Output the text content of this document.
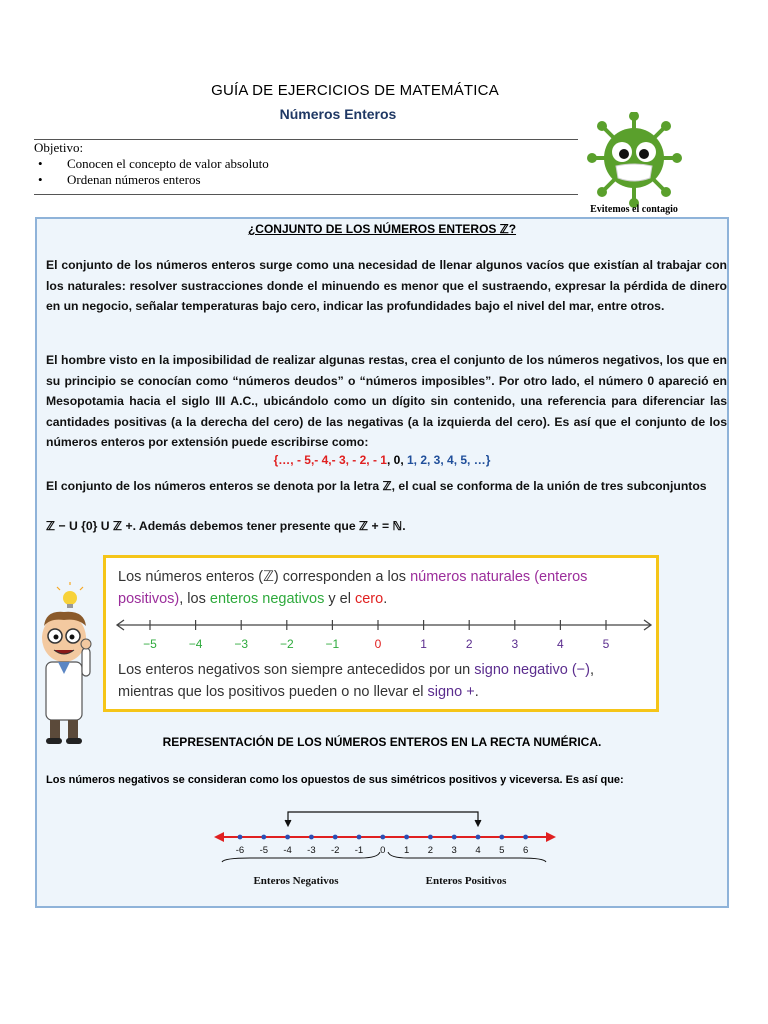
GUÍA DE EJERCICIOS DE MATEMÁTICA
Números Enteros
Objetivo:
• Conocen el concepto de valor absoluto
• Ordenan números enteros
Evitemos el contagio
¿CONJUNTO DE LOS NÚMEROS ENTEROS ℤ?
El conjunto de los números enteros surge como una necesidad de llenar algunos vacíos que existían al trabajar con los naturales: resolver sustracciones donde el minuendo es menor que el sustraendo, expresar la pérdida de dinero en un negocio, señalar temperaturas bajo cero, indicar las profundidades bajo el nivel del mar, entre otros.
El hombre visto en la imposibilidad de realizar algunas restas, crea el conjunto de los números negativos, los que en su principio se conocían como “números deudos” o “números imposibles”. Por otro lado, el número 0 apareció en Mesopotamia hacia el siglo III A.C., ubicándolo como un dígito sin contenido, una referencia para diferenciar las cantidades positivas (a la derecha del cero) de las negativas (a la izquierda del cero). Es así que el conjunto de los números enteros por extensión puede escribirse como:
{…, - 5,- 4,- 3, - 2, - 1, 0, 1, 2, 3, 4, 5, …}
El conjunto de los números enteros se denota por la letra ℤ, el cual se conforma de la unión de tres subconjuntos
ℤ − U {0} U ℤ +. Además debemos tener presente que ℤ + = ℕ.
Los números enteros (ℤ) corresponden a los números naturales (enteros positivos), los enteros negativos y el cero.
−5	−4	−3	−2	−1	0	1	2	3	4	5
Los enteros negativos son siempre antecedidos por un signo negativo (−), mientras que los positivos pueden o no llevar el signo +.
REPRESENTACIÓN DE LOS NÚMEROS ENTEROS EN LA RECTA NUMÉRICA.
Los números negativos se consideran como los opuestos de sus simétricos positivos y viceversa. Es así que:
-6 -5 -4 -3 -2 -1 0 1 2 3 4 5 6
Enteros Negativos	Enteros Positivos
